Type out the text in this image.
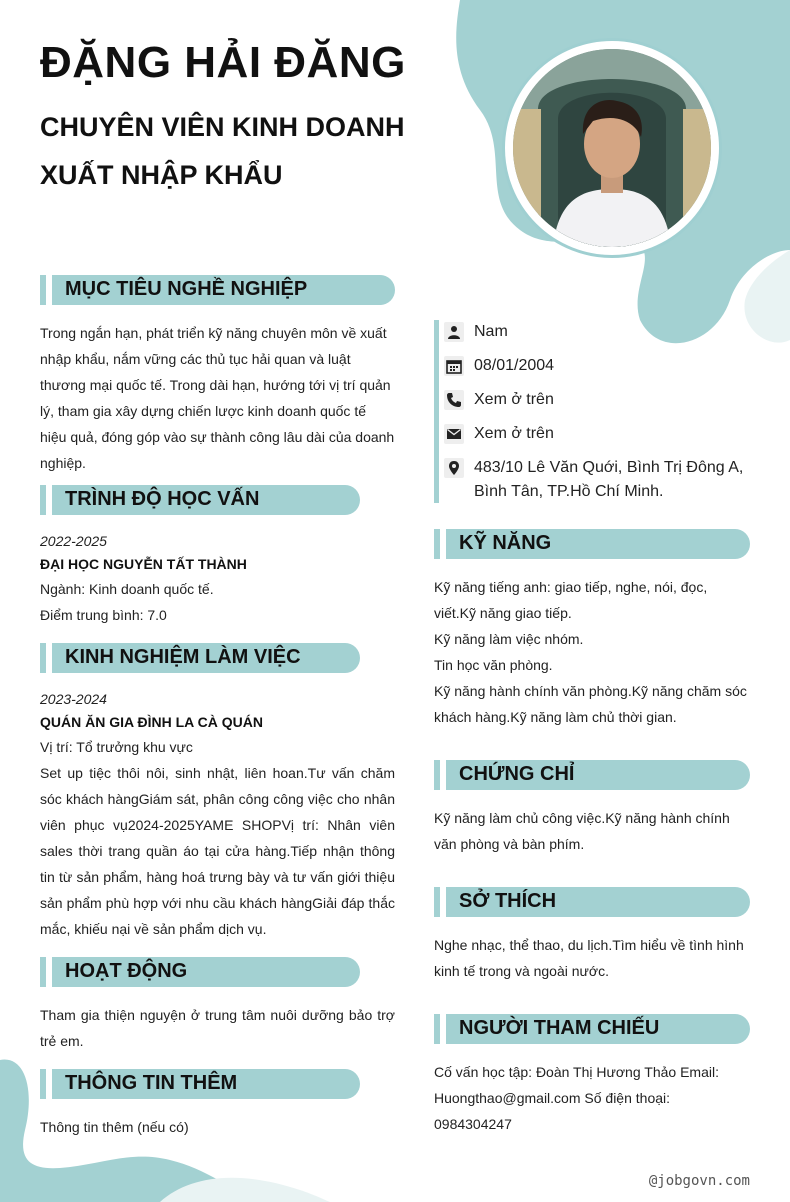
ĐẶNG HẢI ĐĂNG
CHUYÊN VIÊN KINH DOANH
XUẤT NHẬP KHẨU
MỤC TIÊU NGHỀ NGHIỆP
Trong ngắn hạn, phát triển kỹ năng chuyên môn về xuất nhập khẩu, nắm vững các thủ tục hải quan và luật thương mại quốc tế. Trong dài hạn, hướng tới vị trí quản lý, tham gia xây dựng chiến lược kinh doanh quốc tế hiệu quả, đóng góp vào sự thành công lâu dài của doanh nghiệp.
TRÌNH ĐỘ HỌC VẤN
2022-2025
ĐẠI HỌC NGUYỄN TẤT THÀNH
Ngành: Kinh doanh quốc tế.
Điểm trung bình: 7.0
KINH NGHIỆM LÀM VIỆC
2023-2024
QUÁN ĂN GIA ĐÌNH LA CÀ QUÁN
Vị trí: Tổ trưởng khu vực
Set up tiệc thôi nôi, sinh nhật, liên hoan.Tư vấn chăm sóc khách hàngGiám sát, phân công công việc cho nhân viên phục vụ2024-2025YAME SHOPVị trí: Nhân viên sales thời trang quần áo tại cửa hàng.Tiếp nhận thông tin từ sản phẩm, hàng hoá trưng bày và tư vấn giới thiệu sản phẩm phù hợp với nhu cầu khách hàngGiải đáp thắc mắc, khiếu nại về sản phẩm dịch vụ.
HOẠT ĐỘNG
Tham gia thiện nguyện ở trung tâm nuôi dưỡng bảo trợ trẻ em.
THÔNG TIN THÊM
Thông tin thêm (nếu có)
Nam
08/01/2004
Xem ở trên
Xem ở trên
483/10 Lê Văn Quới, Bình Trị Đông A, Bình Tân, TP.Hồ Chí Minh.
KỸ NĂNG
Kỹ năng tiếng anh: giao tiếp, nghe, nói, đọc, viết.Kỹ năng giao tiếp.
Kỹ năng làm việc nhóm.
Tin học văn phòng.
Kỹ năng hành chính văn phòng.Kỹ năng chăm sóc khách hàng.Kỹ năng làm chủ thời gian.
CHỨNG CHỈ
Kỹ năng làm chủ công việc.Kỹ năng hành chính văn phòng và bàn phím.
SỞ THÍCH
Nghe nhạc, thể thao, du lịch.Tìm hiểu về tình hình kinh tế trong và ngoài nước.
NGƯỜI THAM CHIẾU
Cố vấn học tập: Đoàn Thị Hương Thảo Email: Huongthao@gmail.com Số điện thoại: 0984304247
@jobgovn.com
